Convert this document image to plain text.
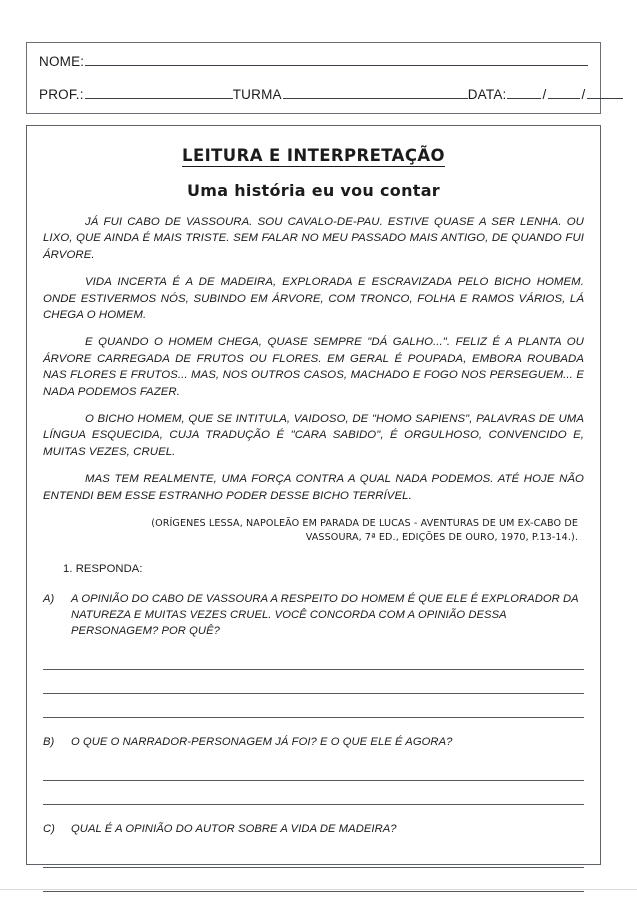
NOME:
PROF.:	TURMA	DATA:	/	/
LEITURA E INTERPRETAÇÃO
Uma história eu vou contar

JÁ FUI CABO DE VASSOURA. SOU CAVALO-DE-PAU. ESTIVE QUASE A SER LENHA. OU LIXO, QUE AINDA É MAIS TRISTE. SEM FALAR NO MEU PASSADO MAIS ANTIGO, DE QUANDO FUI ÁRVORE.

VIDA INCERTA É A DE MADEIRA, EXPLORADA E ESCRAVIZADA PELO BICHO HOMEM. ONDE ESTIVERMOS NÓS, SUBINDO EM ÁRVORE, COM TRONCO, FOLHA E RAMOS VÁRIOS, LÁ CHEGA O HOMEM.

E QUANDO O HOMEM CHEGA, QUASE SEMPRE "DÁ GALHO...". FELIZ É A PLANTA OU ÁRVORE CARREGADA DE FRUTOS OU FLORES. EM GERAL É POUPADA, EMBORA ROUBADA NAS FLORES E FRUTOS... MAS, NOS OUTROS CASOS, MACHADO E FOGO NOS PERSEGUEM... E NADA PODEMOS FAZER.

O BICHO HOMEM, QUE SE INTITULA, VAIDOSO, DE "HOMO SAPIENS", PALAVRAS DE UMA LÍNGUA ESQUECIDA, CUJA TRADUÇÃO É "CARA SABIDO", É ORGULHOSO, CONVENCIDO E, MUITAS VEZES, CRUEL.

MAS TEM REALMENTE, UMA FORÇA CONTRA A QUAL NADA PODEMOS. ATÉ HOJE NÃO ENTENDI BEM ESSE ESTRANHO PODER DESSE BICHO TERRÍVEL.

(ORÍGENES LESSA, NAPOLEÃO EM PARADA DE LUCAS - AVENTURAS DE UM EX-CABO DE VASSOURA, 7ª ED., EDIÇÕES DE OURO, 1970, P.13-14.).
1. RESPONDA:
A)	A OPINIÃO DO CABO DE VASSOURA A RESPEITO DO HOMEM É QUE ELE É EXPLORADOR DA NATUREZA E MUITAS VEZES CRUEL. VOCÊ CONCORDA COM A OPINIÃO DESSA PERSONAGEM? POR QUÊ?
B)	O QUE O NARRADOR-PERSONAGEM JÁ FOI? E O QUE ELE É AGORA?
C)	QUAL É A OPINIÃO DO AUTOR SOBRE A VIDA DE MADEIRA?
